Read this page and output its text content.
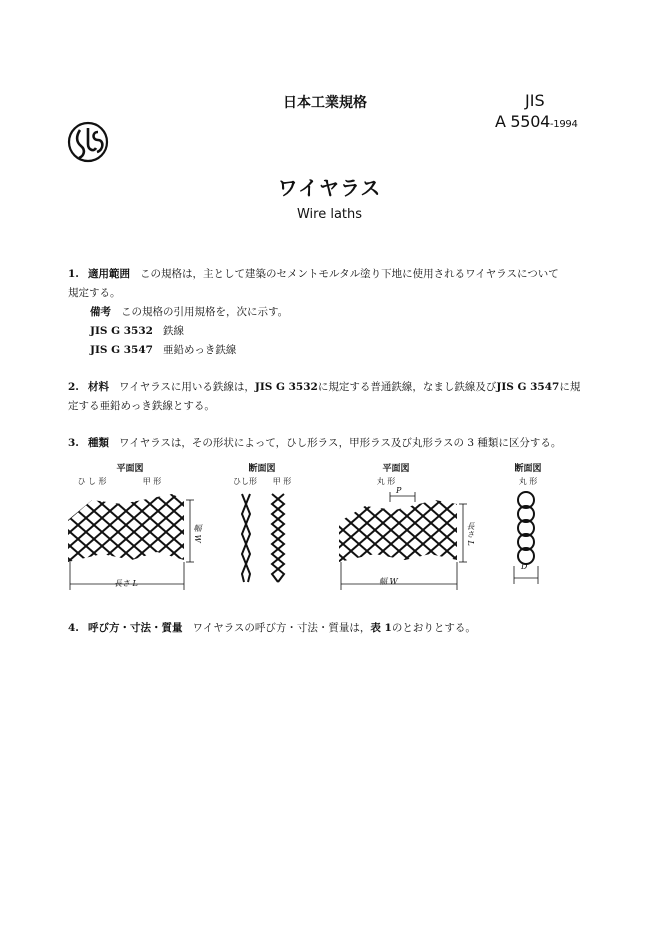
日本工業規格	JIS
A 5504-1994
ワイヤラス
Wire laths
1. 適用範囲 この規格は，主として建築のセメントモルタル塗り下地に使用されるワイヤラスについて
規定する。
備考 この規格の引用規格を，次に示す。
JIS G 3532 鉄線
JIS G 3547 亜鉛めっき鉄線
2. 材料 ワイヤラスに用いる鉄線は，JIS G 3532に規定する普通鉄線，なまし鉄線及びJIS G 3547に規
定する亜鉛めっき鉄線とする。
3. 種類 ワイヤラスは，その形状によって，ひし形ラス，甲形ラス及び丸形ラスの 3 種類に区分する。
平面図
ひ し 形	甲 形
長さ L
幅 W
断面図
ひし形	甲 形
平面図
丸 形
P
幅 W
長さ L
断面図
丸 形
D
4. 呼び方・寸法・質量 ワイヤラスの呼び方・寸法・質量は，表 1のとおりとする。
